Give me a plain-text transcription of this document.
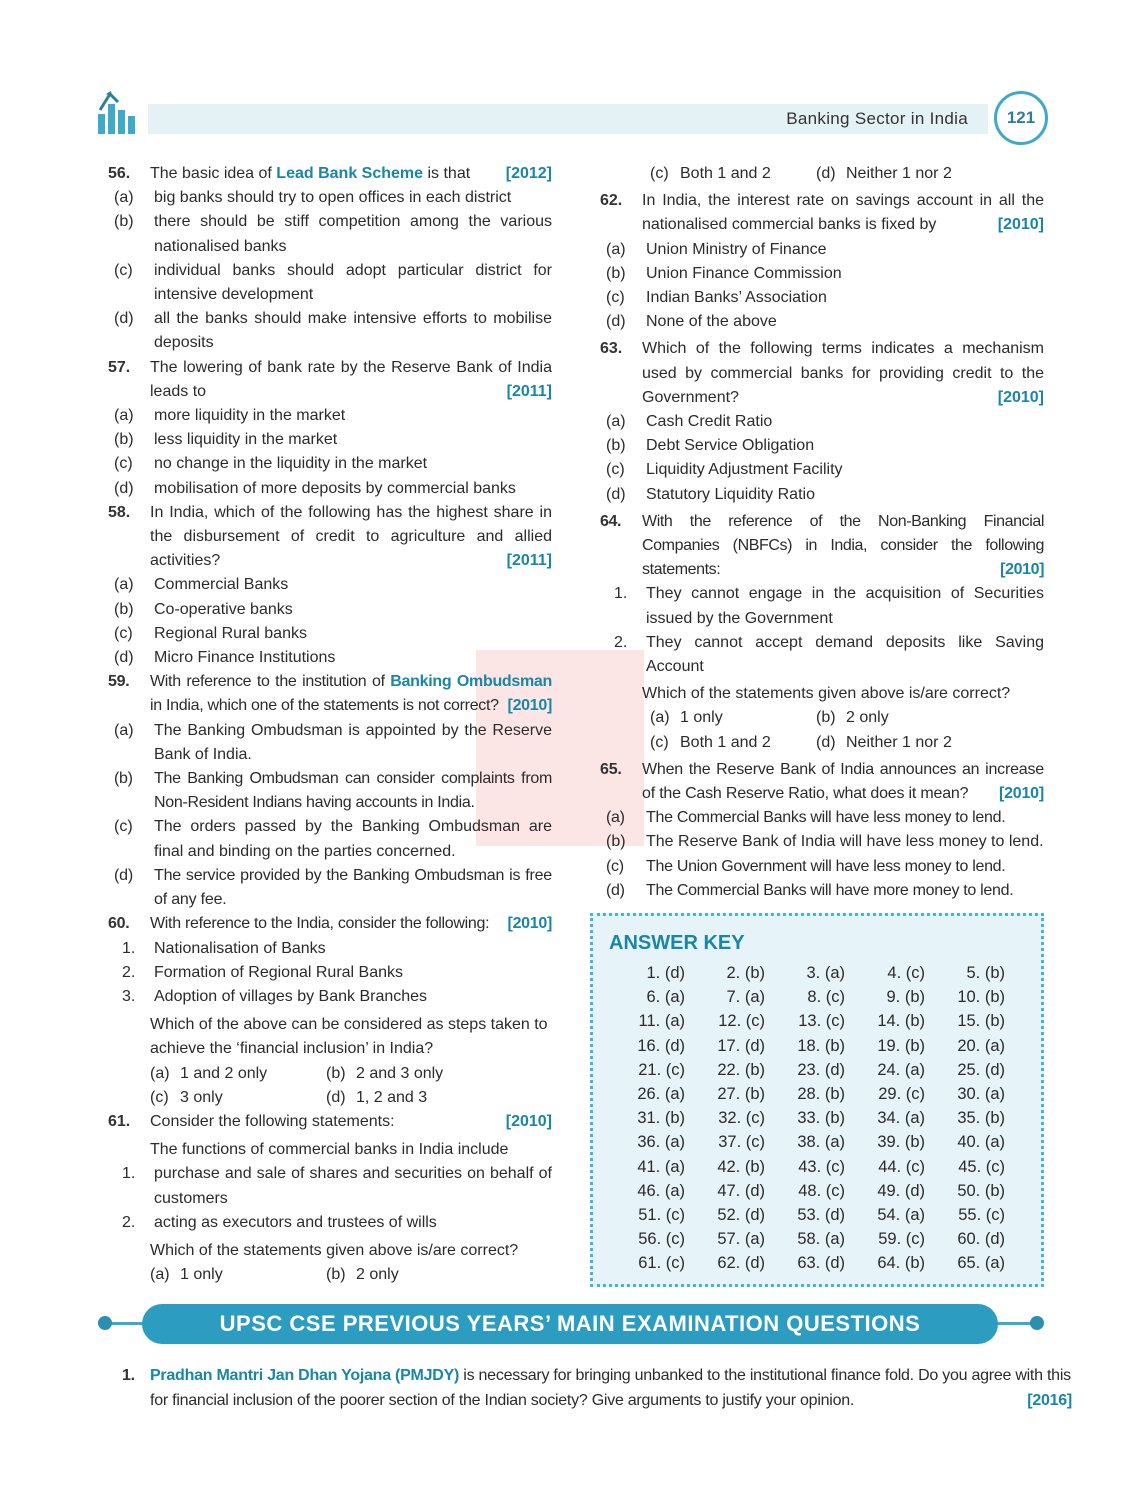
Banking Sector in India	121
56.	[2012]
The basic idea of Lead Bank Scheme is that
(a) big banks should try to open offices in each district
(b) there should be stiff competition among the various nationalised banks
(c) individual banks should adopt particular district for intensive development
(d) all the banks should make intensive efforts to mobilise deposits
57. The lowering of bank rate by the Reserve Bank of India leads to	[2011]
(a) more liquidity in the market
(b) less liquidity in the market
(c) no change in the liquidity in the market
(d) mobilisation of more deposits by commercial banks
58. In India, which of the following has the highest share in the disbursement of credit to agriculture and allied activities?	[2011]
(a) Commercial Banks
(b) Co-operative banks
(c) Regional Rural banks
(d) Micro Finance Institutions
59. With reference to the institution of Banking Ombudsman in India, which one of the statements is not correct? [2010]
(a) The Banking Ombudsman is appointed by the Reserve Bank of India.
(b) The Banking Ombudsman can consider complaints from Non-Resident Indians having accounts in India.
(c) The orders passed by the Banking Ombudsman are final and binding on the parties concerned.
(d) The service provided by the Banking Ombudsman is free of any fee.
60.	[2010]
With reference to the India, consider the following:
1. Nationalisation of Banks
2. Formation of Regional Rural Banks
3. Adoption of villages by Bank Branches
Which of the above can be considered as steps taken to achieve the ‘financial inclusion’ in India?
(a) 1 and 2 only	(b) 2 and 3 only
(c) 3 only	(d) 1, 2 and 3
61.	[2010]
Consider the following statements:
The functions of commercial banks in India include
1. purchase and sale of shares and securities on behalf of customers
2. acting as executors and trustees of wills
Which of the statements given above is/are correct?
(a) 1 only	(b) 2 only
(c) Both 1 and 2	(d) Neither 1 nor 2
62. In India, the interest rate on savings account in all the nationalised commercial banks is fixed by	[2010]
(a) Union Ministry of Finance
(b) Union Finance Commission
(c) Indian Banks’ Association
(d) None of the above
63. Which of the following terms indicates a mechanism used by commercial banks for providing credit to the Government?	[2010]
(a) Cash Credit Ratio
(b) Debt Service Obligation
(c) Liquidity Adjustment Facility
(d) Statutory Liquidity Ratio
64. With the reference of the Non-Banking Financial Companies (NBFCs) in India, consider the following statements:	[2010]
1. They cannot engage in the acquisition of Securities issued by the Government
2. They cannot accept demand deposits like Saving Account
Which of the statements given above is/are correct?
(a) 1 only	(b) 2 only
(c) Both 1 and 2	(d) Neither 1 nor 2
65. When the Reserve Bank of India announces an increase of the Cash Reserve Ratio, what does it mean? [2010]
(a) The Commercial Banks will have less money to lend.
(b) The Reserve Bank of India will have less money to lend.
(c) The Union Government will have less money to lend.
(d) The Commercial Banks will have more money to lend.
ANSWER KEY
1. (d)	2. (b)	3. (a)	4. (c)	5. (b)
6. (a)	7. (a)	8. (c)	9. (b)	10. (b)
11. (a)	12. (c)	13. (c)	14. (b)	15. (b)
16. (d)	17. (d)	18. (b)	19. (b)	20. (a)
21. (c)	22. (b)	23. (d)	24. (a)	25. (d)
26. (a)	27. (b)	28. (b)	29. (c)	30. (a)
31. (b)	32. (c)	33. (b)	34. (a)	35. (b)
36. (a)	37. (c)	38. (a)	39. (b)	40. (a)
41. (a)	42. (b)	43. (c)	44. (c)	45. (c)
46. (a)	47. (d)	48. (c)	49. (d)	50. (b)
51. (c)	52. (d)	53. (d)	54. (a)	55. (c)
56. (c)	57. (a)	58. (a)	59. (c)	60. (d)
61. (c)	62. (d)	63. (d)	64. (b)	65. (a)
UPSC CSE PREVIOUS YEARS’ MAIN EXAMINATION QUESTIONS
1. Pradhan Mantri Jan Dhan Yojana (PMJDY) is necessary for bringing unbanked to the institutional finance fold. Do you agree with this for financial inclusion of the poorer section of the Indian society? Give arguments to justify your opinion.	[2016]
